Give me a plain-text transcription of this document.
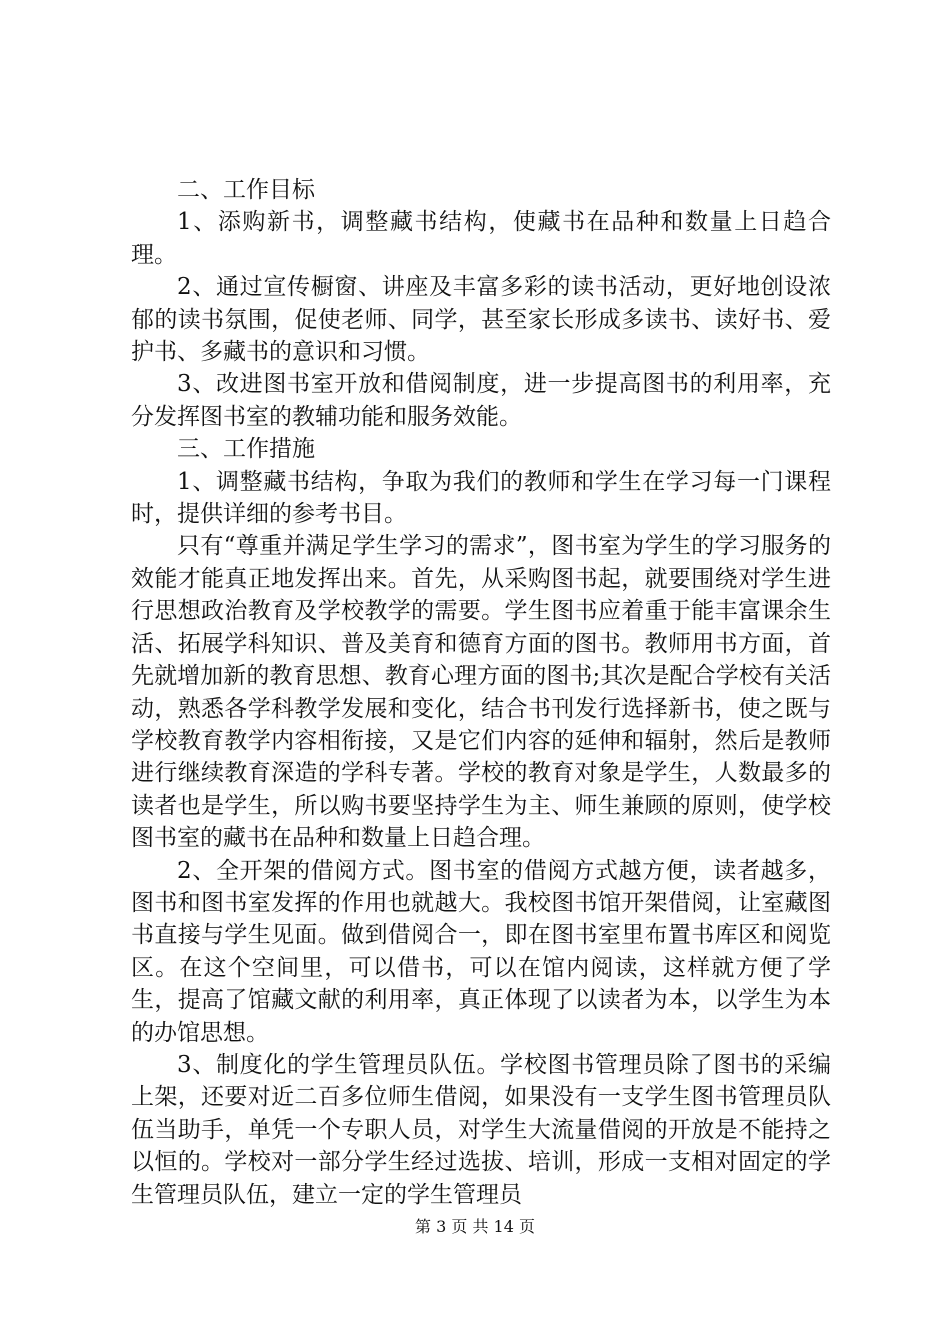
二、工作目标

1、添购新书，调整藏书结构，使藏书在品种和数量上日趋合理。

2、通过宣传橱窗、讲座及丰富多彩的读书活动，更好地创设浓郁的读书氛围，促使老师、同学，甚至家长形成多读书、读好书、爱护书、多藏书的意识和习惯。

3、改进图书室开放和借阅制度，进一步提高图书的利用率，充分发挥图书室的教辅功能和服务效能。

三、工作措施

1、调整藏书结构，争取为我们的教师和学生在学习每一门课程时，提供详细的参考书目。

只有“尊重并满足学生学习的需求”，图书室为学生的学习服务的效能才能真正地发挥出来。首先，从采购图书起，就要围绕对学生进行思想政治教育及学校教学的需要。学生图书应着重于能丰富课余生活、拓展学科知识、普及美育和德育方面的图书。教师用书方面，首先就增加新的教育思想、教育心理方面的图书;其次是配合学校有关活动，熟悉各学科教学发展和变化，结合书刊发行选择新书，使之既与学校教育教学内容相衔接，又是它们内容的延伸和辐射，然后是教师进行继续教育深造的学科专著。学校的教育对象是学生，人数最多的读者也是学生，所以购书要坚持学生为主、师生兼顾的原则，使学校图书室的藏书在品种和数量上日趋合理。

2、全开架的借阅方式。图书室的借阅方式越方便，读者越多，图书和图书室发挥的作用也就越大。我校图书馆开架借阅，让室藏图书直接与学生见面。做到借阅合一，即在图书室里布置书库区和阅览区。在这个空间里，可以借书，可以在馆内阅读，这样就方便了学生，提高了馆藏文献的利用率，真正体现了以读者为本，以学生为本的办馆思想。

3、制度化的学生管理员队伍。学校图书管理员除了图书的采编上架，还要对近二百多位师生借阅，如果没有一支学生图书管理员队伍当助手，单凭一个专职人员，对学生大流量借阅的开放是不能持之以恒的。学校对一部分学生经过选拔、培训，形成一支相对固定的学生管理员队伍，建立一定的学生管理员

第 3 页 共 14 页
